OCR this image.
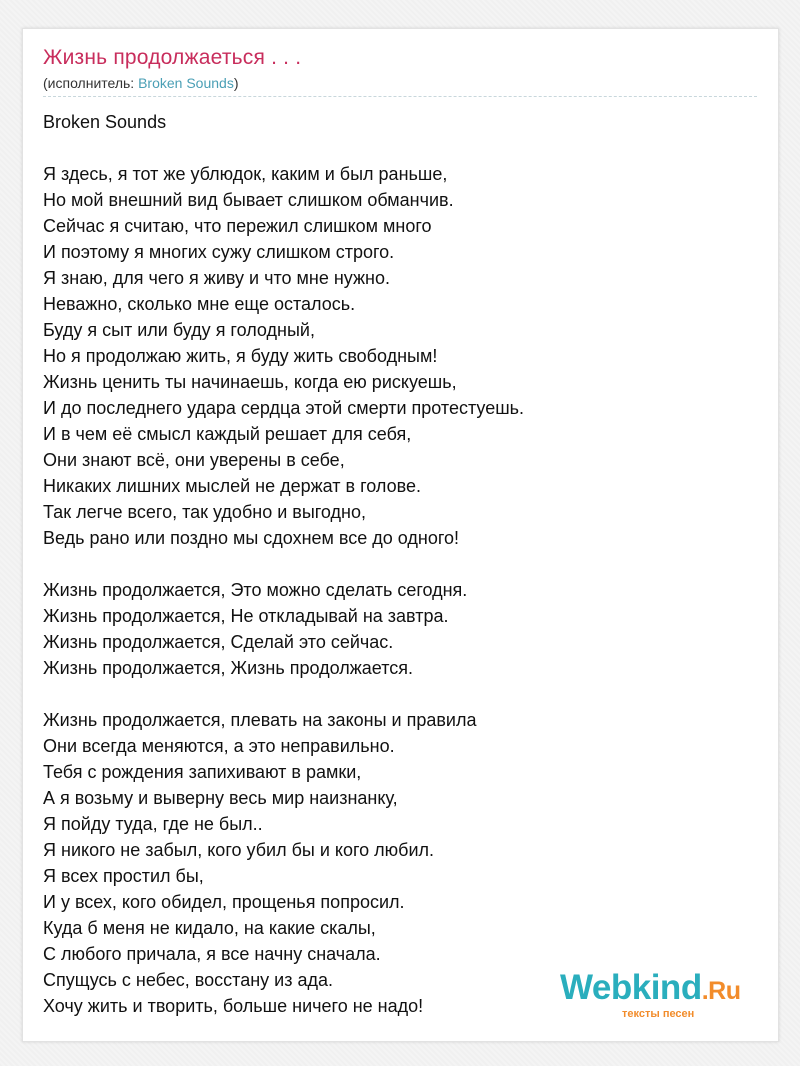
Жизнь продолжаеться . . .
(исполнитель: Broken Sounds)
Broken Sounds
Я здесь, я тот же ублюдок, каким и был раньше,
Но мой внешний вид бывает слишком обманчив.
Сейчас я считаю, что пережил слишком много
И поэтому я многих сужу слишком строго.
Я знаю, для чего я живу и что мне нужно.
Неважно, сколько мне еще осталось.
Буду я сыт или буду я голодный,
Но я продолжаю жить, я буду жить свободным!
Жизнь ценить ты начинаешь, когда ею рискуешь,
И до последнего удара сердца этой смерти протестуешь.
И в чем её смысл каждый решает для себя,
Они знают всё, они уверены в себе,
Никаких лишних мыслей не держат в голове.
Так легче всего, так удобно и выгодно,
Ведь рано или поздно мы сдохнем все до одного!
Жизнь продолжается, Это можно сделать сегодня.
Жизнь продолжается, Не откладывай на завтра.
Жизнь продолжается, Сделай это сейчас.
Жизнь продолжается, Жизнь продолжается.
Жизнь продолжается, плевать на законы и правила
Они всегда меняются, а это неправильно.
Тебя с рождения запихивают в рамки,
А я возьму и выверну весь мир наизнанку,
Я пойду туда, где не был..
Я никого не забыл, кого убил бы и кого любил.
Я всех простил бы,
И у всех, кого обидел, прощенья попросил.
Куда б меня не кидало, на какие скалы,
С любого причала, я все начну сначала.
Спущусь с небес, восстану из ада.
Хочу жить и творить, больше ничего не надо!	Webkind.Ru
тексты песен
